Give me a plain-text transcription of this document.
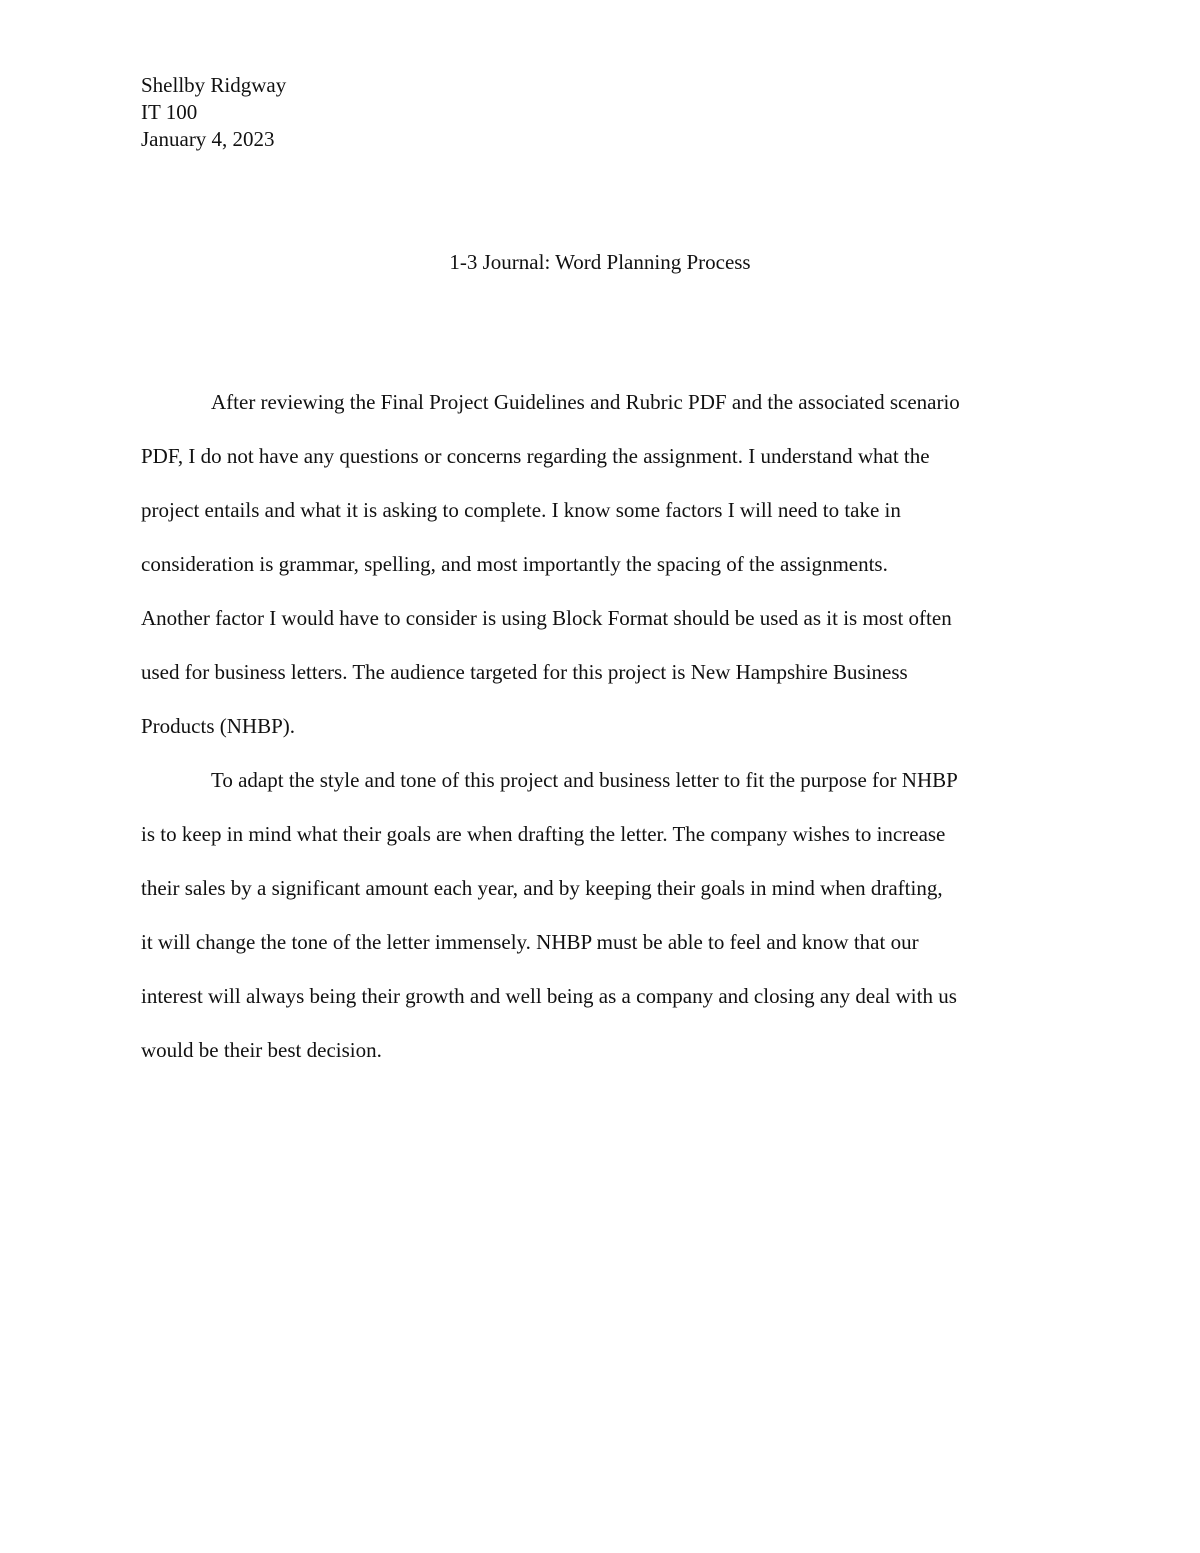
Shellby Ridgway
IT 100
January 4, 2023
1-3 Journal: Word Planning Process
After reviewing the Final Project Guidelines and Rubric PDF and the associated scenario
PDF, I do not have any questions or concerns regarding the assignment. I understand what the
project entails and what it is asking to complete. I know some factors I will need to take in
consideration is grammar, spelling, and most importantly the spacing of the assignments.
Another factor I would have to consider is using Block Format should be used as it is most often
used for business letters. The audience targeted for this project is New Hampshire Business
Products (NHBP).
To adapt the style and tone of this project and business letter to fit the purpose for NHBP
is to keep in mind what their goals are when drafting the letter. The company wishes to increase
their sales by a significant amount each year, and by keeping their goals in mind when drafting,
it will change the tone of the letter immensely. NHBP must be able to feel and know that our
interest will always being their growth and well being as a company and closing any deal with us
would be their best decision.
